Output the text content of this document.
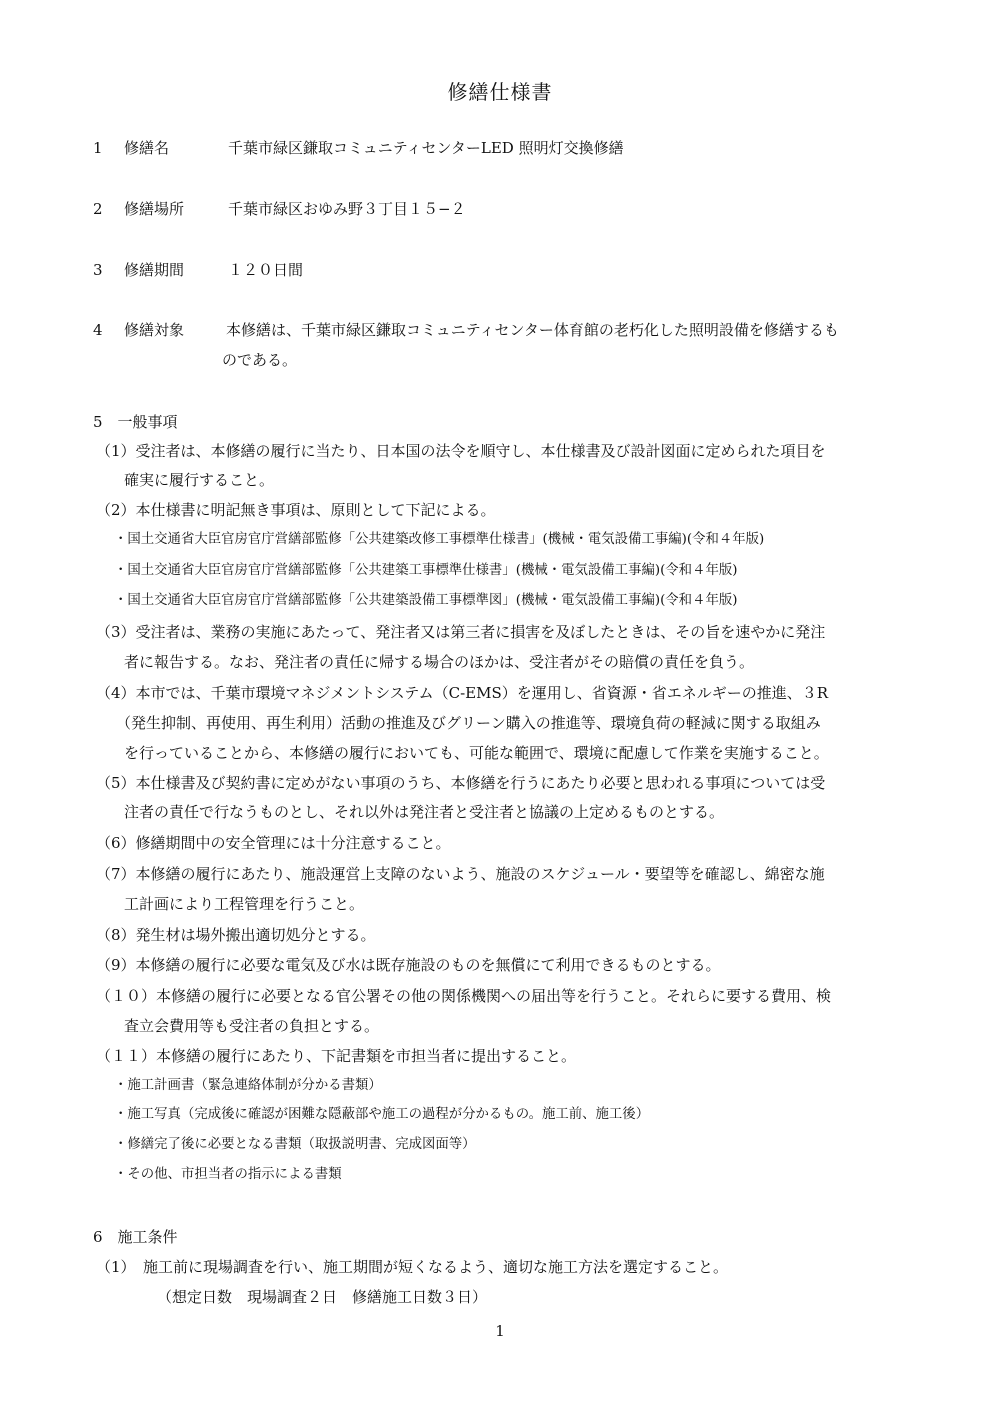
修繕仕様書
1 修繕名	千葉市緑区鎌取コミュニティセンターLED 照明灯交換修繕
2 修繕場所	千葉市緑区おゆみ野３丁目１５−２
3 修繕期間	１２０日間
4 修繕対象	本修繕は、千葉市緑区鎌取コミュニティセンター体育館の老朽化した照明設備を修繕するも
のである。
5　一般事項
（1）受注者は、本修繕の履行に当たり、日本国の法令を順守し、本仕様書及び設計図面に定められた項目を
確実に履行すること。
（2）本仕様書に明記無き事項は、原則として下記による。
・国土交通省大臣官房官庁営繕部監修「公共建築改修工事標準仕様書」(機械・電気設備工事編)(令和４年版)
・国土交通省大臣官房官庁営繕部監修「公共建築工事標準仕様書」(機械・電気設備工事編)(令和４年版)
・国土交通省大臣官房官庁営繕部監修「公共建築設備工事標準図」(機械・電気設備工事編)(令和４年版)
（3）受注者は、業務の実施にあたって、発注者又は第三者に損害を及ぼしたときは、その旨を速やかに発注
者に報告する。なお、発注者の責任に帰する場合のほかは、受注者がその賠償の責任を負う。
（4）本市では、千葉市環境マネジメントシステム（C-EMS）を運用し、省資源・省エネルギーの推進、３R
（発生抑制、再使用、再生利用）活動の推進及びグリーン購入の推進等、環境負荷の軽減に関する取組み
を行っていることから、本修繕の履行においても、可能な範囲で、環境に配慮して作業を実施すること。
（5）本仕様書及び契約書に定めがない事項のうち、本修繕を行うにあたり必要と思われる事項については受
注者の責任で行なうものとし、それ以外は発注者と受注者と協議の上定めるものとする。
（6）修繕期間中の安全管理には十分注意すること。
（7）本修繕の履行にあたり、施設運営上支障のないよう、施設のスケジュール・要望等を確認し、綿密な施
工計画により工程管理を行うこと。
（8）発生材は場外搬出適切処分とする。
（9）本修繕の履行に必要な電気及び水は既存施設のものを無償にて利用できるものとする。
（１０）本修繕の履行に必要となる官公署その他の関係機関への届出等を行うこと。それらに要する費用、検
査立会費用等も受注者の負担とする。
（１１）本修繕の履行にあたり、下記書類を市担当者に提出すること。
・施工計画書（緊急連絡体制が分かる書類）
・施工写真（完成後に確認が困難な隠蔽部や施工の過程が分かるもの。施工前、施工後）
・修繕完了後に必要となる書類（取扱説明書、完成図面等）
・その他、市担当者の指示による書類
6　施工条件
（1）　施工前に現場調査を行い、施工期間が短くなるよう、適切な施工方法を選定すること。
（想定日数　現場調査２日　修繕施工日数３日）
1
